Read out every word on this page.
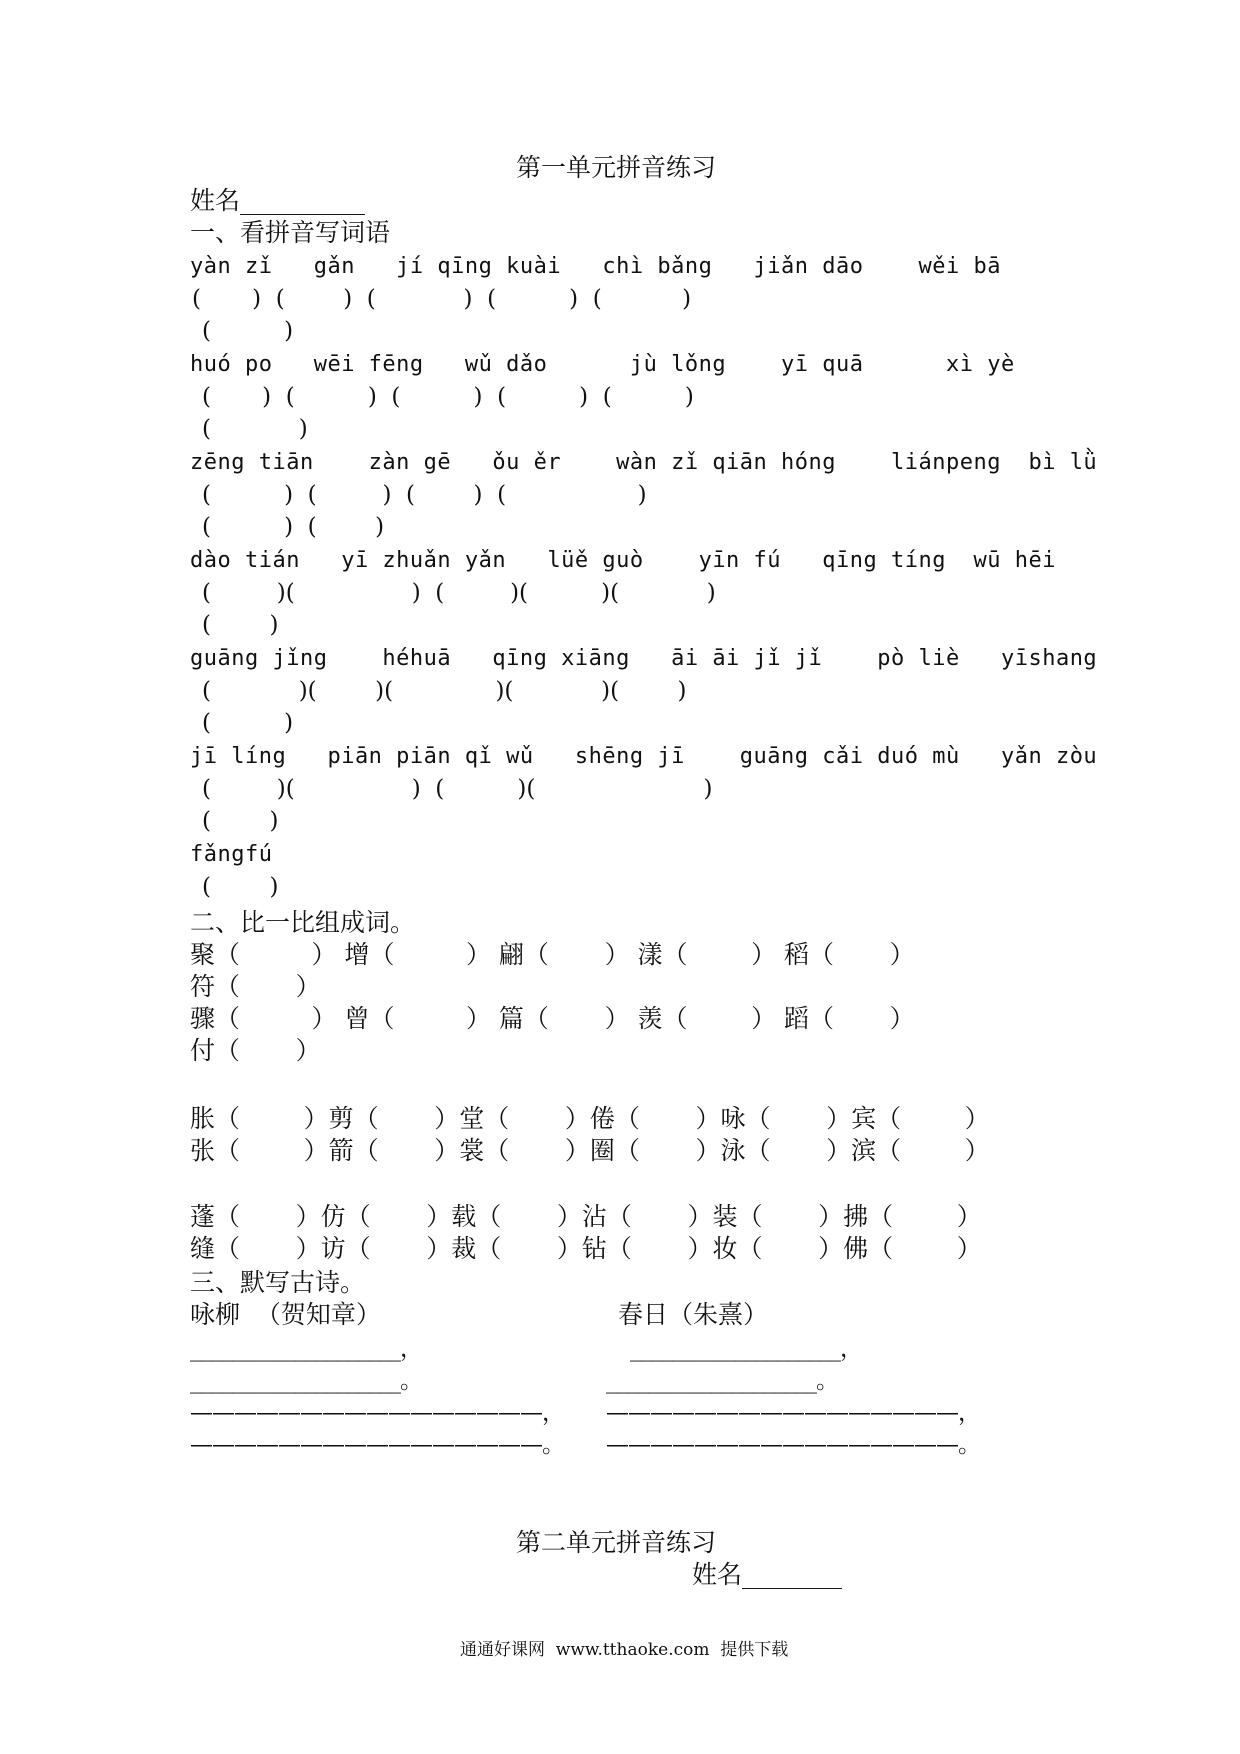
第一单元拼音练习
姓名__________
一、看拼音写词语
yàn zǐ   gǎn   jí qīng kuài   chì bǎng   jiǎn dāo    wěi bā
(       )  (        )  (            )  (          )  (           )
(          )
huó po   wēi fēng   wǔ dǎo      jù lǒng    yī quā      xì yè
(       )  (          )  (          )  (          )  (          )
(            )
zēng tiān    zàn gē   ǒu ěr    wàn zǐ qiān hóng    liánpeng  bì lǜ
(          )  (         )  (        )  (                  )
(          )  (        )
dào tián   yī zhuǎn yǎn   lüě guò    yīn fú   qīng tíng  wū hēi
(         )(                )  (         )(          )(            )
(        )
guāng jǐng    héhuā   qīng xiāng   āi āi jǐ jǐ    pò liè   yīshang
(            )(        )(              )(            )(        )
(          )
jī líng   piān piān qǐ wǔ   shēng jī    guāng cǎi duó mù   yǎn zòu
(         )(                )  (          )(                       )
(        )
fǎngfú
(        )
二、比一比组成词。
聚（         ） 增（         ） 翩（       ） 漾（        ） 稻（       ）
符（       ）
骤（         ） 曾（         ） 篇（       ） 羡（        ） 蹈（       ）
付（       ）
胀（        ）剪（       ）堂（       ）倦（       ）咏（       ）宾（        ）
张（        ）箭（       ）裳（       ）圈（       ）泳（       ）滨（        ）
蓬（       ）仿（       ）载（       ）沾（       ）装（       ）拂（        ）
缝（       ）访（       ）裁（       ）钻（       ）妆（       ）佛（        ）
三、默写古诗。
咏柳  （贺知章）	春日（朱熹）
____________________，
____________________。
————————————————，
————————————————。
____________________，
____________________。
————————————————，
————————————————。
第二单元拼音练习
姓名________
通通好课网  www.tthaoke.com  提供下载
